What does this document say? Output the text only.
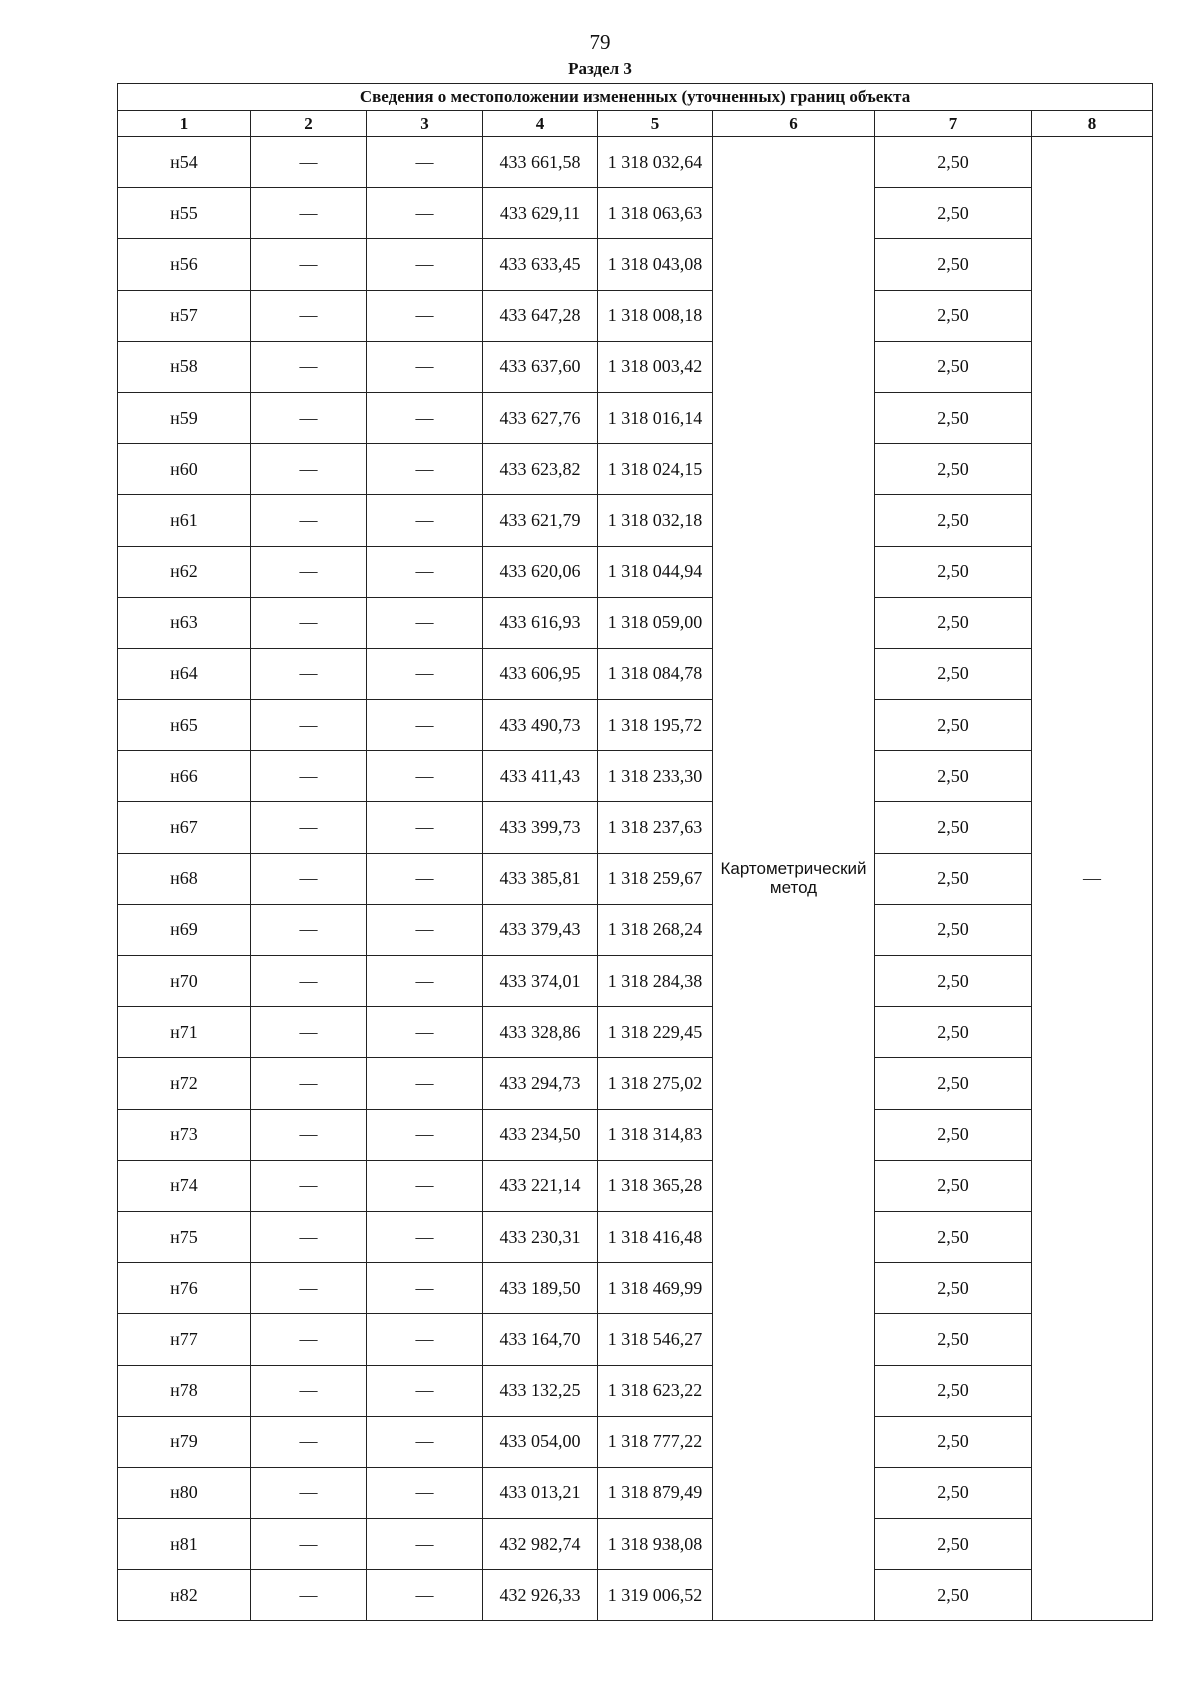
79
Раздел 3
Сведения о местоположении измененных (уточненных) границ объекта							
1	2	3	4	5	6	7	8
н54	—	—	433 661,58	1 318 032,64	Картометрический метод	2,50	—
н55	—	—	433 629,11	1 318 063,63		2,50	
н56	—	—	433 633,45	1 318 043,08		2,50	
н57	—	—	433 647,28	1 318 008,18		2,50	
н58	—	—	433 637,60	1 318 003,42		2,50	
н59	—	—	433 627,76	1 318 016,14		2,50	
н60	—	—	433 623,82	1 318 024,15		2,50	
н61	—	—	433 621,79	1 318 032,18		2,50	
н62	—	—	433 620,06	1 318 044,94		2,50	
н63	—	—	433 616,93	1 318 059,00		2,50	
н64	—	—	433 606,95	1 318 084,78		2,50	
н65	—	—	433 490,73	1 318 195,72		2,50	
н66	—	—	433 411,43	1 318 233,30		2,50	
н67	—	—	433 399,73	1 318 237,63		2,50	
н68	—	—	433 385,81	1 318 259,67		2,50	
н69	—	—	433 379,43	1 318 268,24		2,50	
н70	—	—	433 374,01	1 318 284,38		2,50	
н71	—	—	433 328,86	1 318 229,45		2,50	
н72	—	—	433 294,73	1 318 275,02		2,50	
н73	—	—	433 234,50	1 318 314,83		2,50	
н74	—	—	433 221,14	1 318 365,28		2,50	
н75	—	—	433 230,31	1 318 416,48		2,50	
н76	—	—	433 189,50	1 318 469,99		2,50	
н77	—	—	433 164,70	1 318 546,27		2,50	
н78	—	—	433 132,25	1 318 623,22		2,50	
н79	—	—	433 054,00	1 318 777,22		2,50	
н80	—	—	433 013,21	1 318 879,49		2,50	
н81	—	—	432 982,74	1 318 938,08		2,50	
н82	—	—	432 926,33	1 319 006,52		2,50	
